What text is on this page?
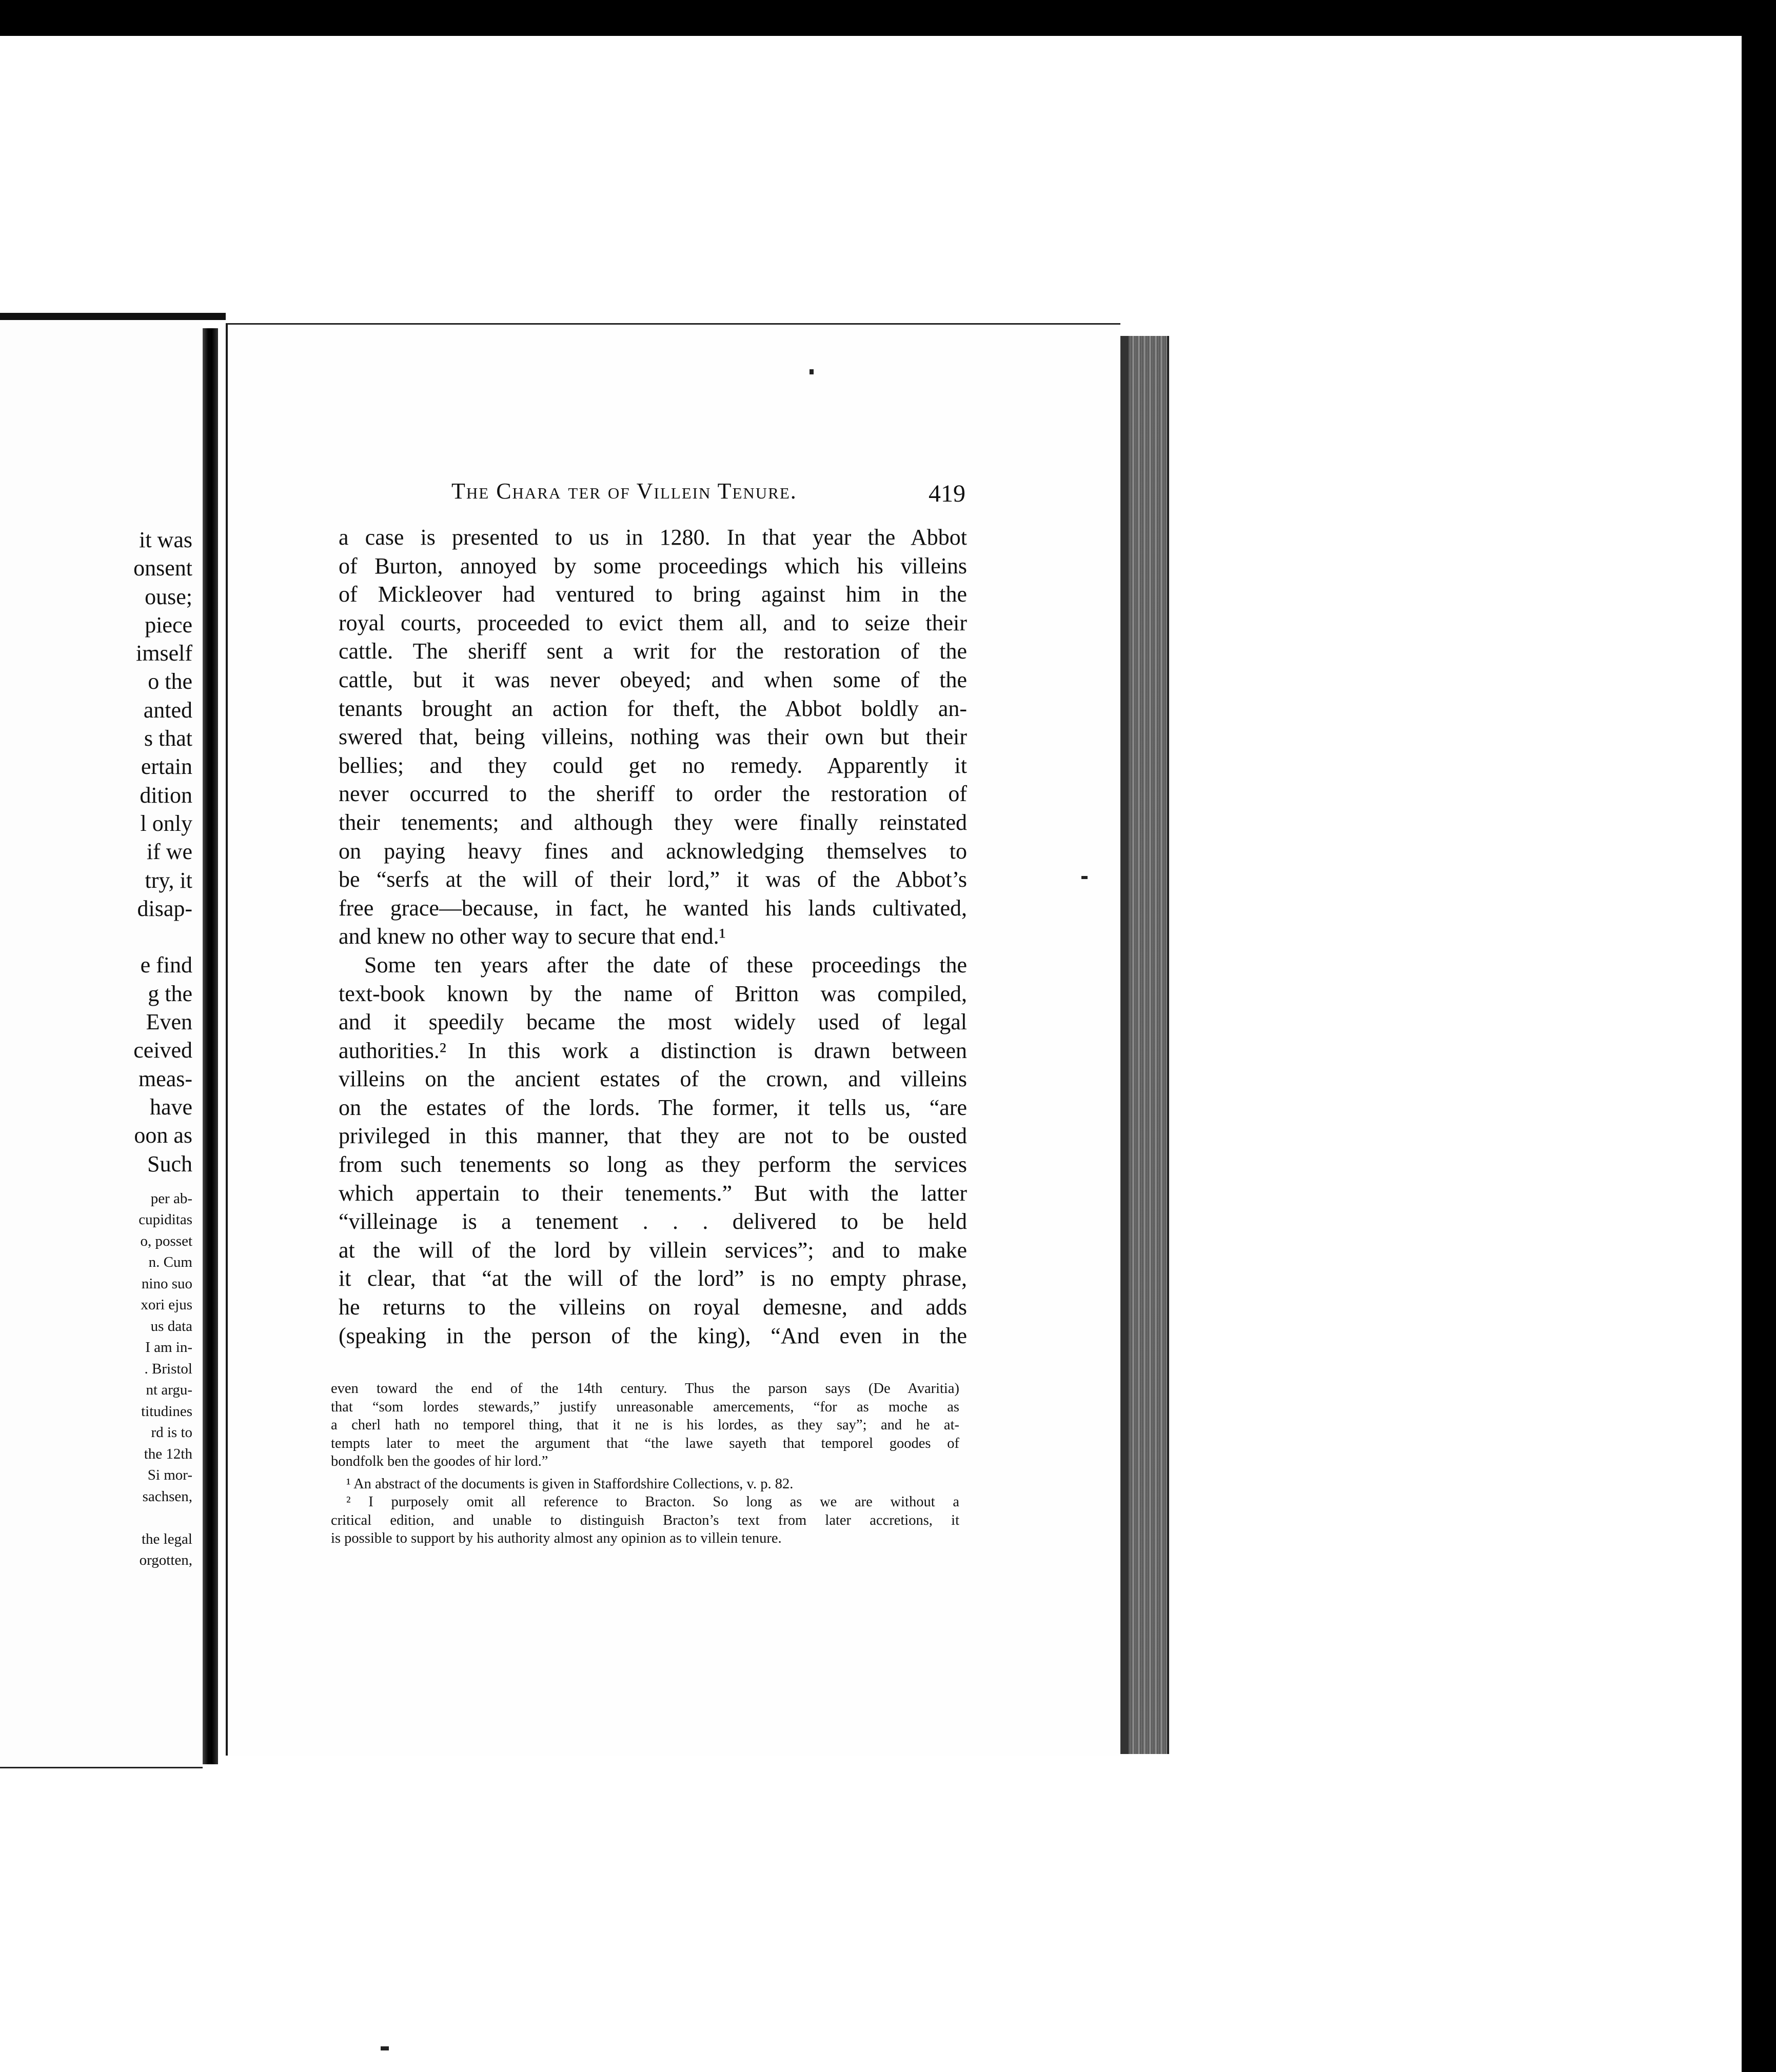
it was
onsent
ouse;
piece
imself
o the
anted
s that
ertain
dition
l only
if we
try, it
disap-

e find
g the
Even
ceived
meas-
have
oon as
Such
per ab-
cupiditas
o, posset
n. Cum
nino suo
xori ejus
us data
I am in-
. Bristol
nt argu-
titudines
rd is to
the 12th
Si mor-
sachsen,

the legal
orgotten,
The Chara ter of Villein Tenure.	419
a case is presented to us in 1280. In that year the Abbot
of Burton, annoyed by some proceedings which his villeins
of Mickleover had ventured to bring against him in the
royal courts, proceeded to evict them all, and to seize their
cattle. The sheriff sent a writ for the restoration of the
cattle, but it was never obeyed; and when some of the
tenants brought an action for theft, the Abbot boldly an-
swered that, being villeins, nothing was their own but their
bellies; and they could get no remedy. Apparently it
never occurred to the sheriff to order the restoration of
their tenements; and although they were finally reinstated
on paying heavy fines and acknowledging themselves to
be “serfs at the will of their lord,” it was of the Abbot’s
free grace—because, in fact, he wanted his lands cultivated,
and knew no other way to secure that end.¹
Some ten years after the date of these proceedings the
text-book known by the name of Britton was compiled,
and it speedily became the most widely used of legal
authorities.² In this work a distinction is drawn between
villeins on the ancient estates of the crown, and villeins
on the estates of the lords. The former, it tells us, “are
privileged in this manner, that they are not to be ousted
from such tenements so long as they perform the services
which appertain to their tenements.” But with the latter
“villeinage is a tenement . . . delivered to be held
at the will of the lord by villein services”; and to make
it clear, that “at the will of the lord” is no empty phrase,
he returns to the villeins on royal demesne, and adds
(speaking in the person of the king), “And even in the
even toward the end of the 14th century. Thus the parson says (De Avaritia)
that “som lordes stewards,” justify unreasonable amercements, “for as moche as
a cherl hath no temporel thing, that it ne is his lordes, as they say”; and he at-
tempts later to meet the argument that “the lawe sayeth that temporel goodes of
bondfolk ben the goodes of hir lord.”
¹ An abstract of the documents is given in Staffordshire Collections, v. p. 82.
² I purposely omit all reference to Bracton. So long as we are without a
critical edition, and unable to distinguish Bracton’s text from later accretions, it
is possible to support by his authority almost any opinion as to villein tenure.
